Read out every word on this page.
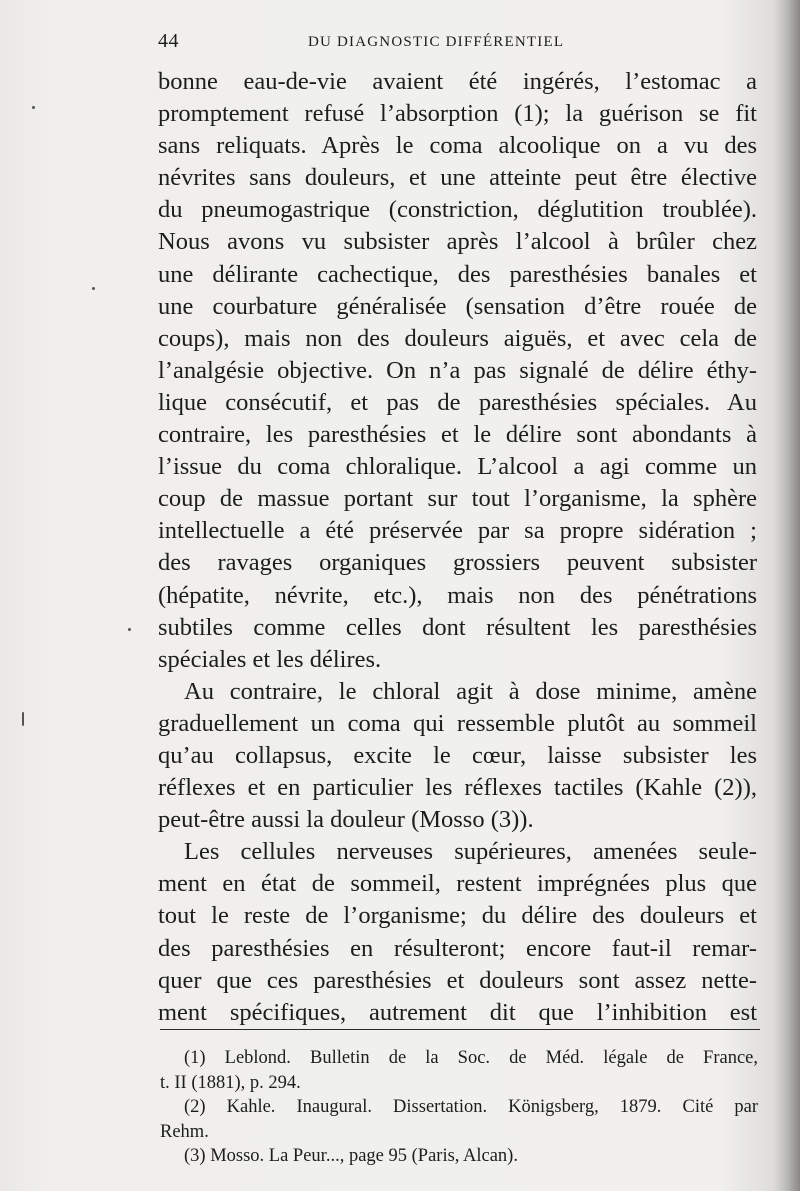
44	DU DIAGNOSTIC DIFFÉRENTIEL
bonne eau-de-vie avaient été ingérés, l’estomac a
promptement refusé l’absorption (1); la guérison se fit
sans reliquats. Après le coma alcoolique on a vu des
névrites sans douleurs, et une atteinte peut être élective
du pneumogastrique (constriction, déglutition troublée).
Nous avons vu subsister après l’alcool à brûler chez
une délirante cachectique, des paresthésies banales et
une courbature généralisée (sensation d’être rouée de
coups), mais non des douleurs aiguës, et avec cela de
l’analgésie objective. On n’a pas signalé de délire éthy-
lique consécutif, et pas de paresthésies spéciales. Au
contraire, les paresthésies et le délire sont abondants à
l’issue du coma chloralique. L’alcool a agi comme un
coup de massue portant sur tout l’organisme, la sphère
intellectuelle a été préservée par sa propre sidération ;
des ravages organiques grossiers peuvent subsister
(hépatite, névrite, etc.), mais non des pénétrations
subtiles comme celles dont résultent les paresthésies
spéciales et les délires.
Au contraire, le chloral agit à dose minime, amène
graduellement un coma qui ressemble plutôt au sommeil
qu’au collapsus, excite le cœur, laisse subsister les
réflexes et en particulier les réflexes tactiles (Kahle (2)),
peut-être aussi la douleur (Mosso (3)).
Les cellules nerveuses supérieures, amenées seule-
ment en état de sommeil, restent imprégnées plus que
tout le reste de l’organisme; du délire des douleurs et
des paresthésies en résulteront; encore faut-il remar-
quer que ces paresthésies et douleurs sont assez nette-
ment spécifiques, autrement dit que l’inhibition est
(1) Leblond. Bulletin de la Soc. de Méd. légale de France,
t. II (1881), p. 294.
(2) Kahle. Inaugural. Dissertation. Königsberg, 1879. Cité par
Rehm.
(3) Mosso. La Peur..., page 95 (Paris, Alcan).
